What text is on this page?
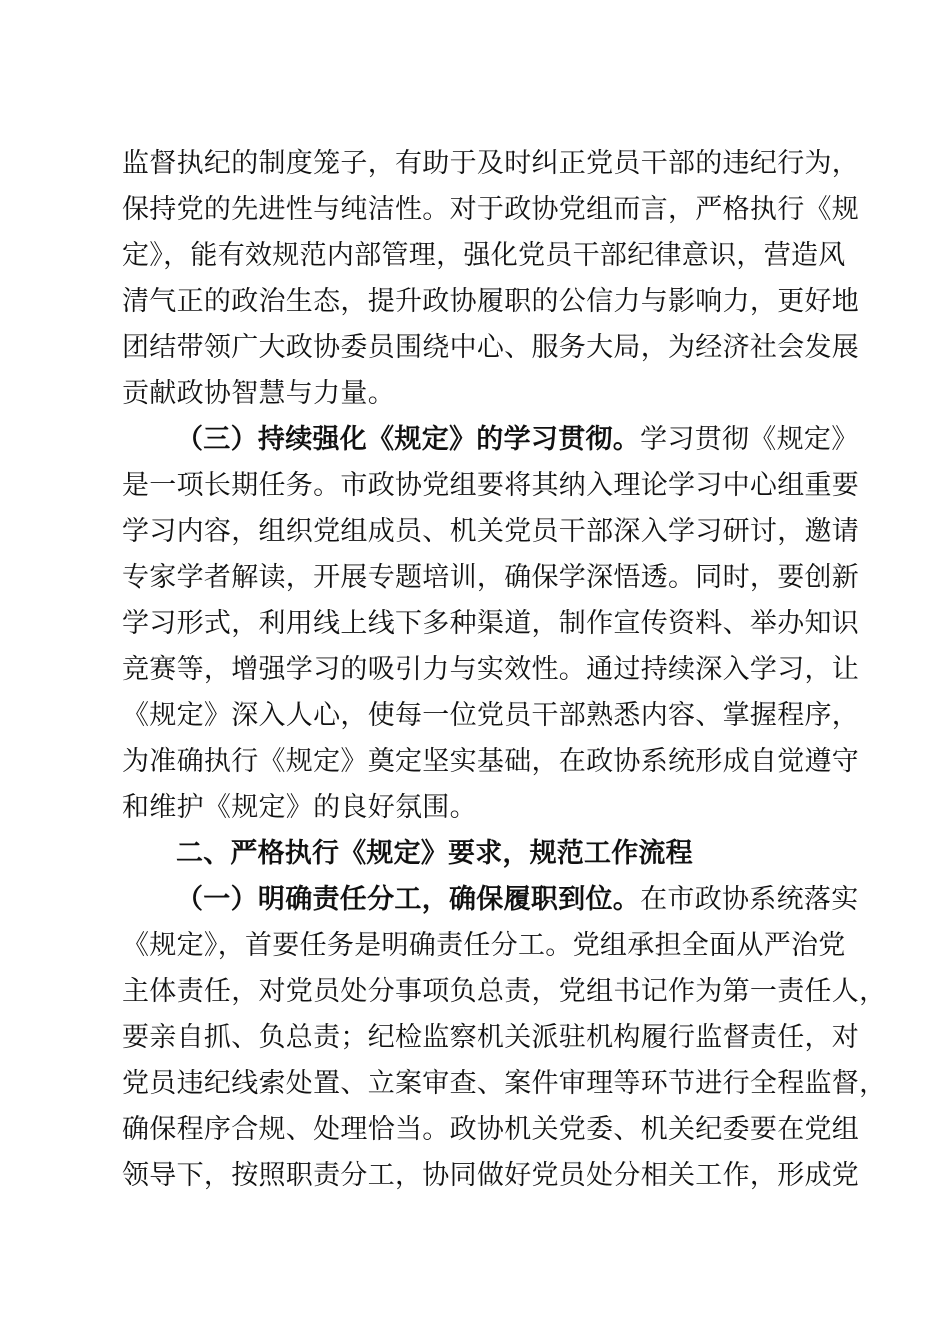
监督执纪的制度笼子，有助于及时纠正党员干部的违纪行为，
保持党的先进性与纯洁性。对于政协党组而言，严格执行《规
定》，能有效规范内部管理，强化党员干部纪律意识，营造风
清气正的政治生态，提升政协履职的公信力与影响力，更好地
团结带领广大政协委员围绕中心、服务大局，为经济社会发展
贡献政协智慧与力量。
（三）持续强化《规定》的学习贯彻。学习贯彻《规定》
是一项长期任务。市政协党组要将其纳入理论学习中心组重要
学习内容，组织党组成员、机关党员干部深入学习研讨，邀请
专家学者解读，开展专题培训，确保学深悟透。同时，要创新
学习形式，利用线上线下多种渠道，制作宣传资料、举办知识
竞赛等，增强学习的吸引力与实效性。通过持续深入学习，让
《规定》深入人心，使每一位党员干部熟悉内容、掌握程序，
为准确执行《规定》奠定坚实基础，在政协系统形成自觉遵守
和维护《规定》的良好氛围。
二、严格执行《规定》要求，规范工作流程
（一）明确责任分工，确保履职到位。在市政协系统落实
《规定》，首要任务是明确责任分工。党组承担全面从严治党
主体责任，对党员处分事项负总责，党组书记作为第一责任人，
要亲自抓、负总责；纪检监察机关派驻机构履行监督责任，对
党员违纪线索处置、立案审查、案件审理等环节进行全程监督，
确保程序合规、处理恰当。政协机关党委、机关纪委要在党组
领导下，按照职责分工，协同做好党员处分相关工作，形成党
